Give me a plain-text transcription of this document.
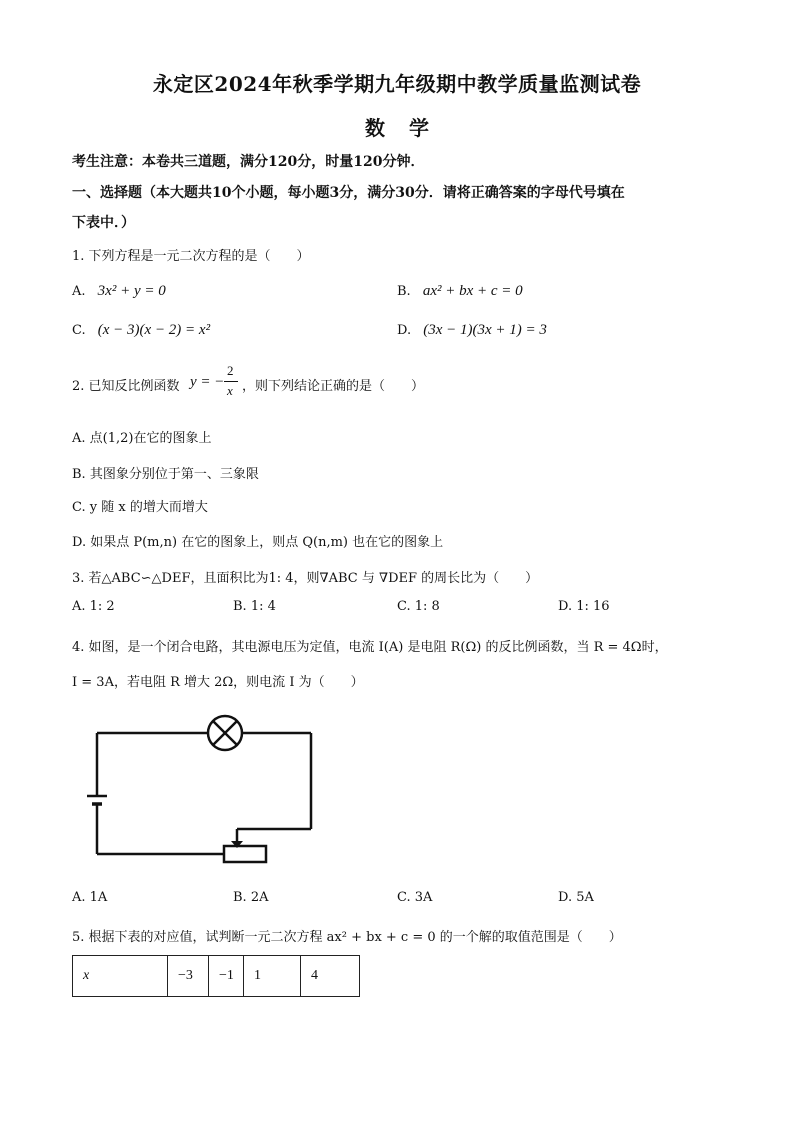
永定区2024年秋季学期九年级期中教学质量监测试卷
数学
考生注意：本卷共三道题，满分120分，时量120分钟．
一、选择题（本大题共10个小题，每小题3分，满分30分．请将正确答案的字母代号填在
下表中．）
1. 下列方程是一元二次方程的是（　　）
A. 3x² + y = 0	B. ax² + bx + c = 0
C. (x − 3)(x − 2) = x²	D. (3x − 1)(3x + 1) = 3
2. 已知反比例函数 y = −
2
x ，则下列结论正确的是（　　）
A. 点(1,2)在它的图象上
B. 其图象分别位于第一、三象限
C. y 随 x 的增大而增大
D. 如果点 P(m,n) 在它的图象上，则点 Q(n,m) 也在它的图象上
3. 若△ABC∽△DEF，且面积比为1: 4，则∇ABC 与 ∇DEF 的周长比为（　　）
A. 1: 2	B. 1: 4	C. 1: 8	D. 1: 16
4. 如图，是一个闭合电路，其电源电压为定值，电流 I(A) 是电阻 R(Ω) 的反比例函数，当 R = 4Ω时，
I = 3A，若电阻 R 增大 2Ω，则电流 I 为（　　）
A. 1A	B. 2A	C. 3A	D. 5A
5. 根据下表的对应值，试判断一元二次方程 ax² + bx + c = 0 的一个解的取值范围是（　　）
x	−3	−1	1	4
